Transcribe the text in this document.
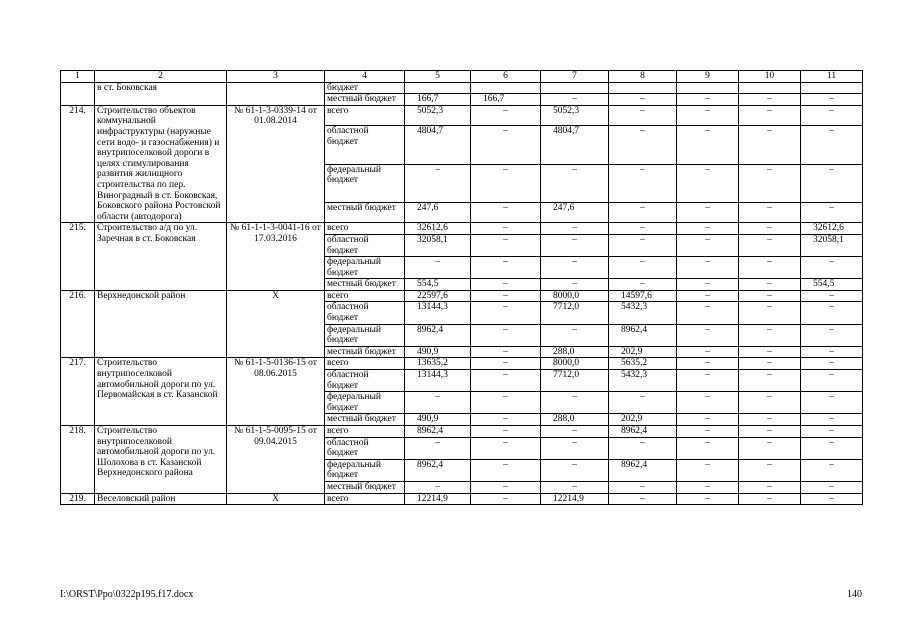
1	2	3	4	5	6	7	8	9	10	11
	в ст. Боковская		бюджет							
			местный бюджет	166,7	166,7	–	–	–	–	–
214.	Строительство объектов коммунальной инфраструктуры (наружные сети водо- и газоснабжения) и внутрипоселковой дороги в целях стимулирования развития жилищного строительства по пер. Виноградный в ст. Боковская, Боковского района Ростовской области (автодорога)	№ 61-1-3-0339-14 от 01.08.2014	всего	5052,3	–	5052,3	–	–	–	–
			областной бюджет	4804,7	–	4804,7	–	–	–	–
			федеральный бюджет	–	–	–	–	–	–	–
			местный бюджет	247,6	–	247,6	–	–	–	–
215.	Строительство а/д по ул. Заречная в ст. Боковская	№ 61-1-1-3-0041-16 от 17.03.2016	всего	32612,6	–	–	–	–	–	32612,6
			областной бюджет	32058,1	–	–	–	–	–	32058,1
			федеральный бюджет	–	–	–	–	–	–	–
			местный бюджет	554,5	–	–	–	–	–	554,5
216.	Верхнедонской район	Х	всего	22597,6	–	8000,0	14597,6	–	–	–
			областной бюджет	13144,3	–	7712,0	5432,3	–	–	–
			федеральный бюджет	8962,4	–	–	8962,4	–	–	–
			местный бюджет	490,9	–	288,0	202,9	–	–	–
217.	Строительство внутрипоселковой автомобильной дороги по ул. Первомайская в ст. Казанской	№ 61-1-5-0136-15 от 08.06.2015	всего	13635,2	–	8000,0	5635,2	–	–	–
			областной бюджет	13144,3	–	7712,0	5432,3	–	–	–
			федеральный бюджет	–	–	–	–	–	–	–
			местный бюджет	490,9	–	288,0	202,9	–	–	–
218.	Строительство внутрипоселковой автомобильной дороги по ул. Шолохова в ст. Казанской Верхнедонского района	№ 61-1-5-0095-15 от 09.04.2015	всего	8962,4	–	–	8962,4	–	–	–
			областной бюджет	–	–	–	–	–	–	–
			федеральный бюджет	8962,4	–	–	8962,4	–	–	–
			местный бюджет	–	–	–	–	–	–	–
219.	Веселовский район	Х	всего	12214,9	–	12214,9	–	–	–	–
I:\ORST\Ppo\0322p195.f17.docx	140
